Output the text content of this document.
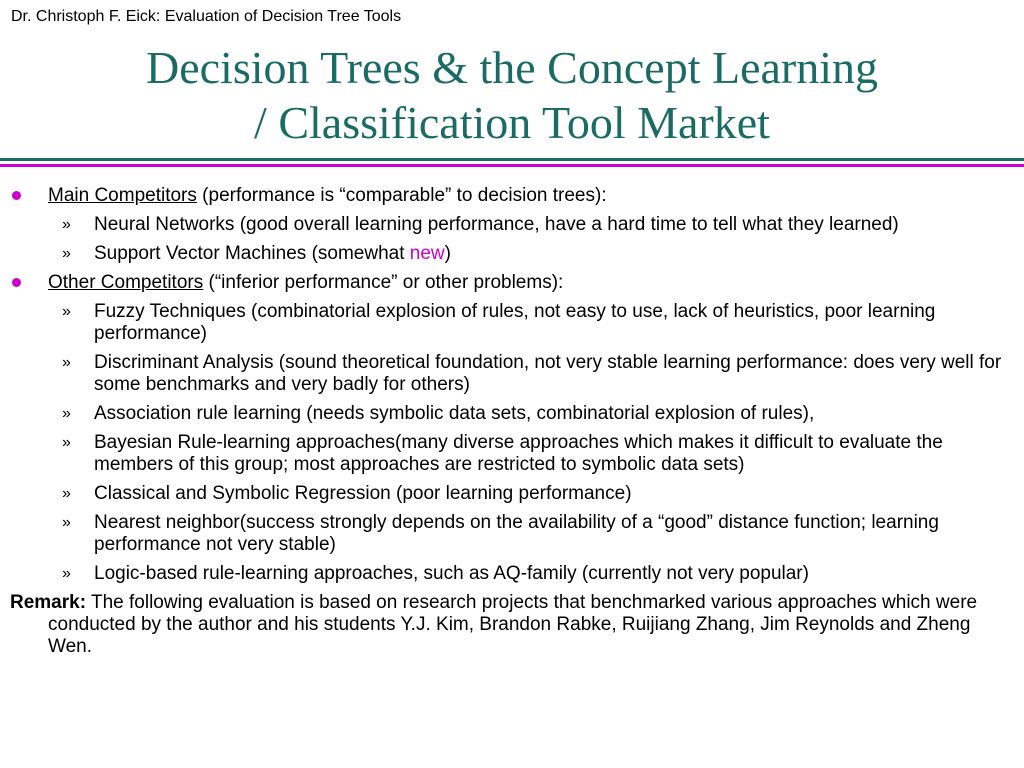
Dr. Christoph F. Eick: Evaluation of Decision Tree Tools
Decision Trees & the Concept Learning
/ Classification Tool Market
Main Competitors (performance is “comparable” to decision trees):
» Neural Networks (good overall learning performance, have a hard time to tell what they learned)
» Support Vector Machines (somewhat new)
Other Competitors (“inferior performance” or other problems):
» Fuzzy Techniques (combinatorial explosion of rules, not easy to use, lack of heuristics, poor learning performance)
» Discriminant Analysis (sound theoretical foundation, not very stable learning performance: does very well for some benchmarks and very badly for others)
» Association rule learning (needs symbolic data sets, combinatorial explosion of rules),
» Bayesian Rule-learning approaches(many diverse approaches which makes it difficult to evaluate the members of this group; most approaches are restricted to symbolic data sets)
» Classical and Symbolic Regression (poor learning performance)
» Nearest neighbor(success strongly depends on the availability of a “good” distance function; learning performance not very stable)
» Logic-based rule-learning approaches, such as AQ-family (currently not very popular)
Remark: The following evaluation is based on research projects that benchmarked various approaches which were conducted by the author and his students Y.J. Kim, Brandon Rabke, Ruijiang Zhang, Jim Reynolds and Zheng Wen.
